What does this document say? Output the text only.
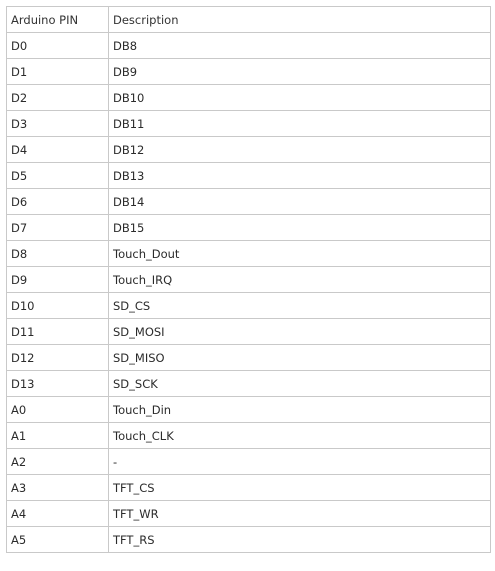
Arduino PIN	Description
D0	DB8
D1	DB9
D2	DB10
D3	DB11
D4	DB12
D5	DB13
D6	DB14
D7	DB15
D8	Touch_Dout
D9	Touch_IRQ
D10	SD_CS
D11	SD_MOSI
D12	SD_MISO
D13	SD_SCK
A0	Touch_Din
A1	Touch_CLK
A2	-
A3	TFT_CS
A4	TFT_WR
A5	TFT_RS
